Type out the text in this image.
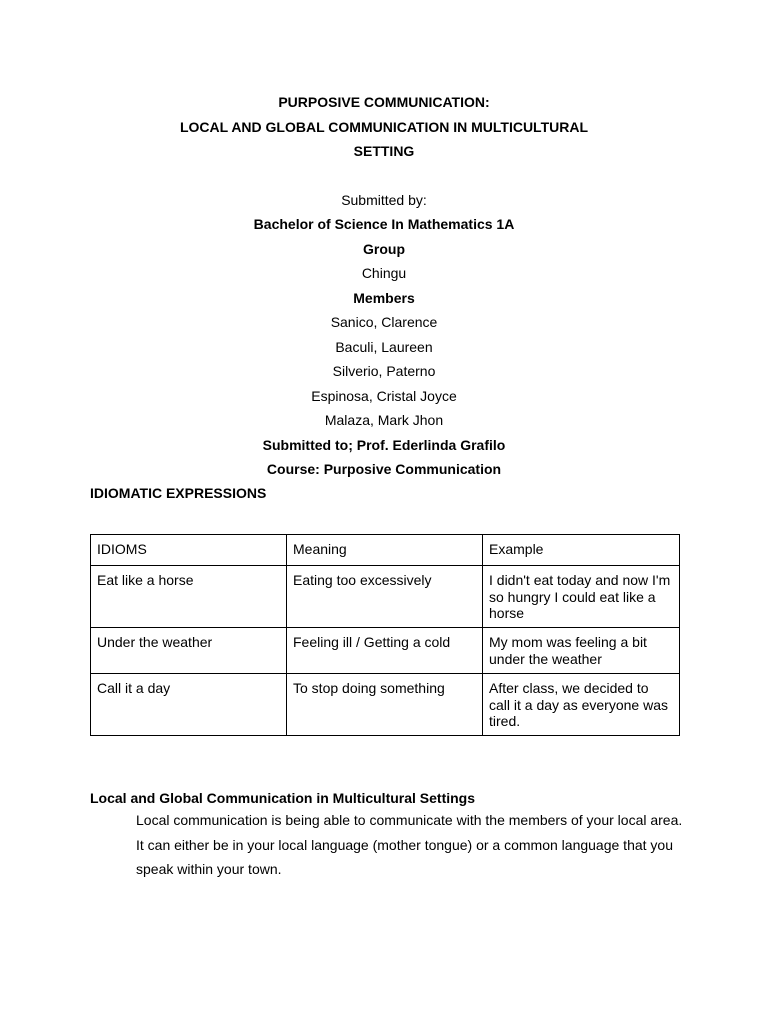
PURPOSIVE COMMUNICATION:
LOCAL AND GLOBAL COMMUNICATION IN MULTICULTURAL
SETTING
Submitted by:
Bachelor of Science In Mathematics 1A
Group
Chingu
Members
Sanico, Clarence
Baculi, Laureen
Silverio, Paterno
Espinosa, Cristal Joyce
Malaza, Mark Jhon
Submitted to; Prof. Ederlinda Grafilo
Course: Purposive Communication
IDIOMATIC EXPRESSIONS
IDIOMS	Meaning	Example
Eat like a horse	Eating too excessively	I didn't eat today and now I'm so hungry I could eat like a horse
Under the weather	Feeling ill / Getting a cold	My mom was feeling a bit under the weather
Call it a day	To stop doing something	After class, we decided to call it a day as everyone was tired.
Local and Global Communication in Multicultural Settings
Local communication is being able to communicate with the members of your local area.
It can either be in your local language (mother tongue) or a common language that you
speak within your town.
